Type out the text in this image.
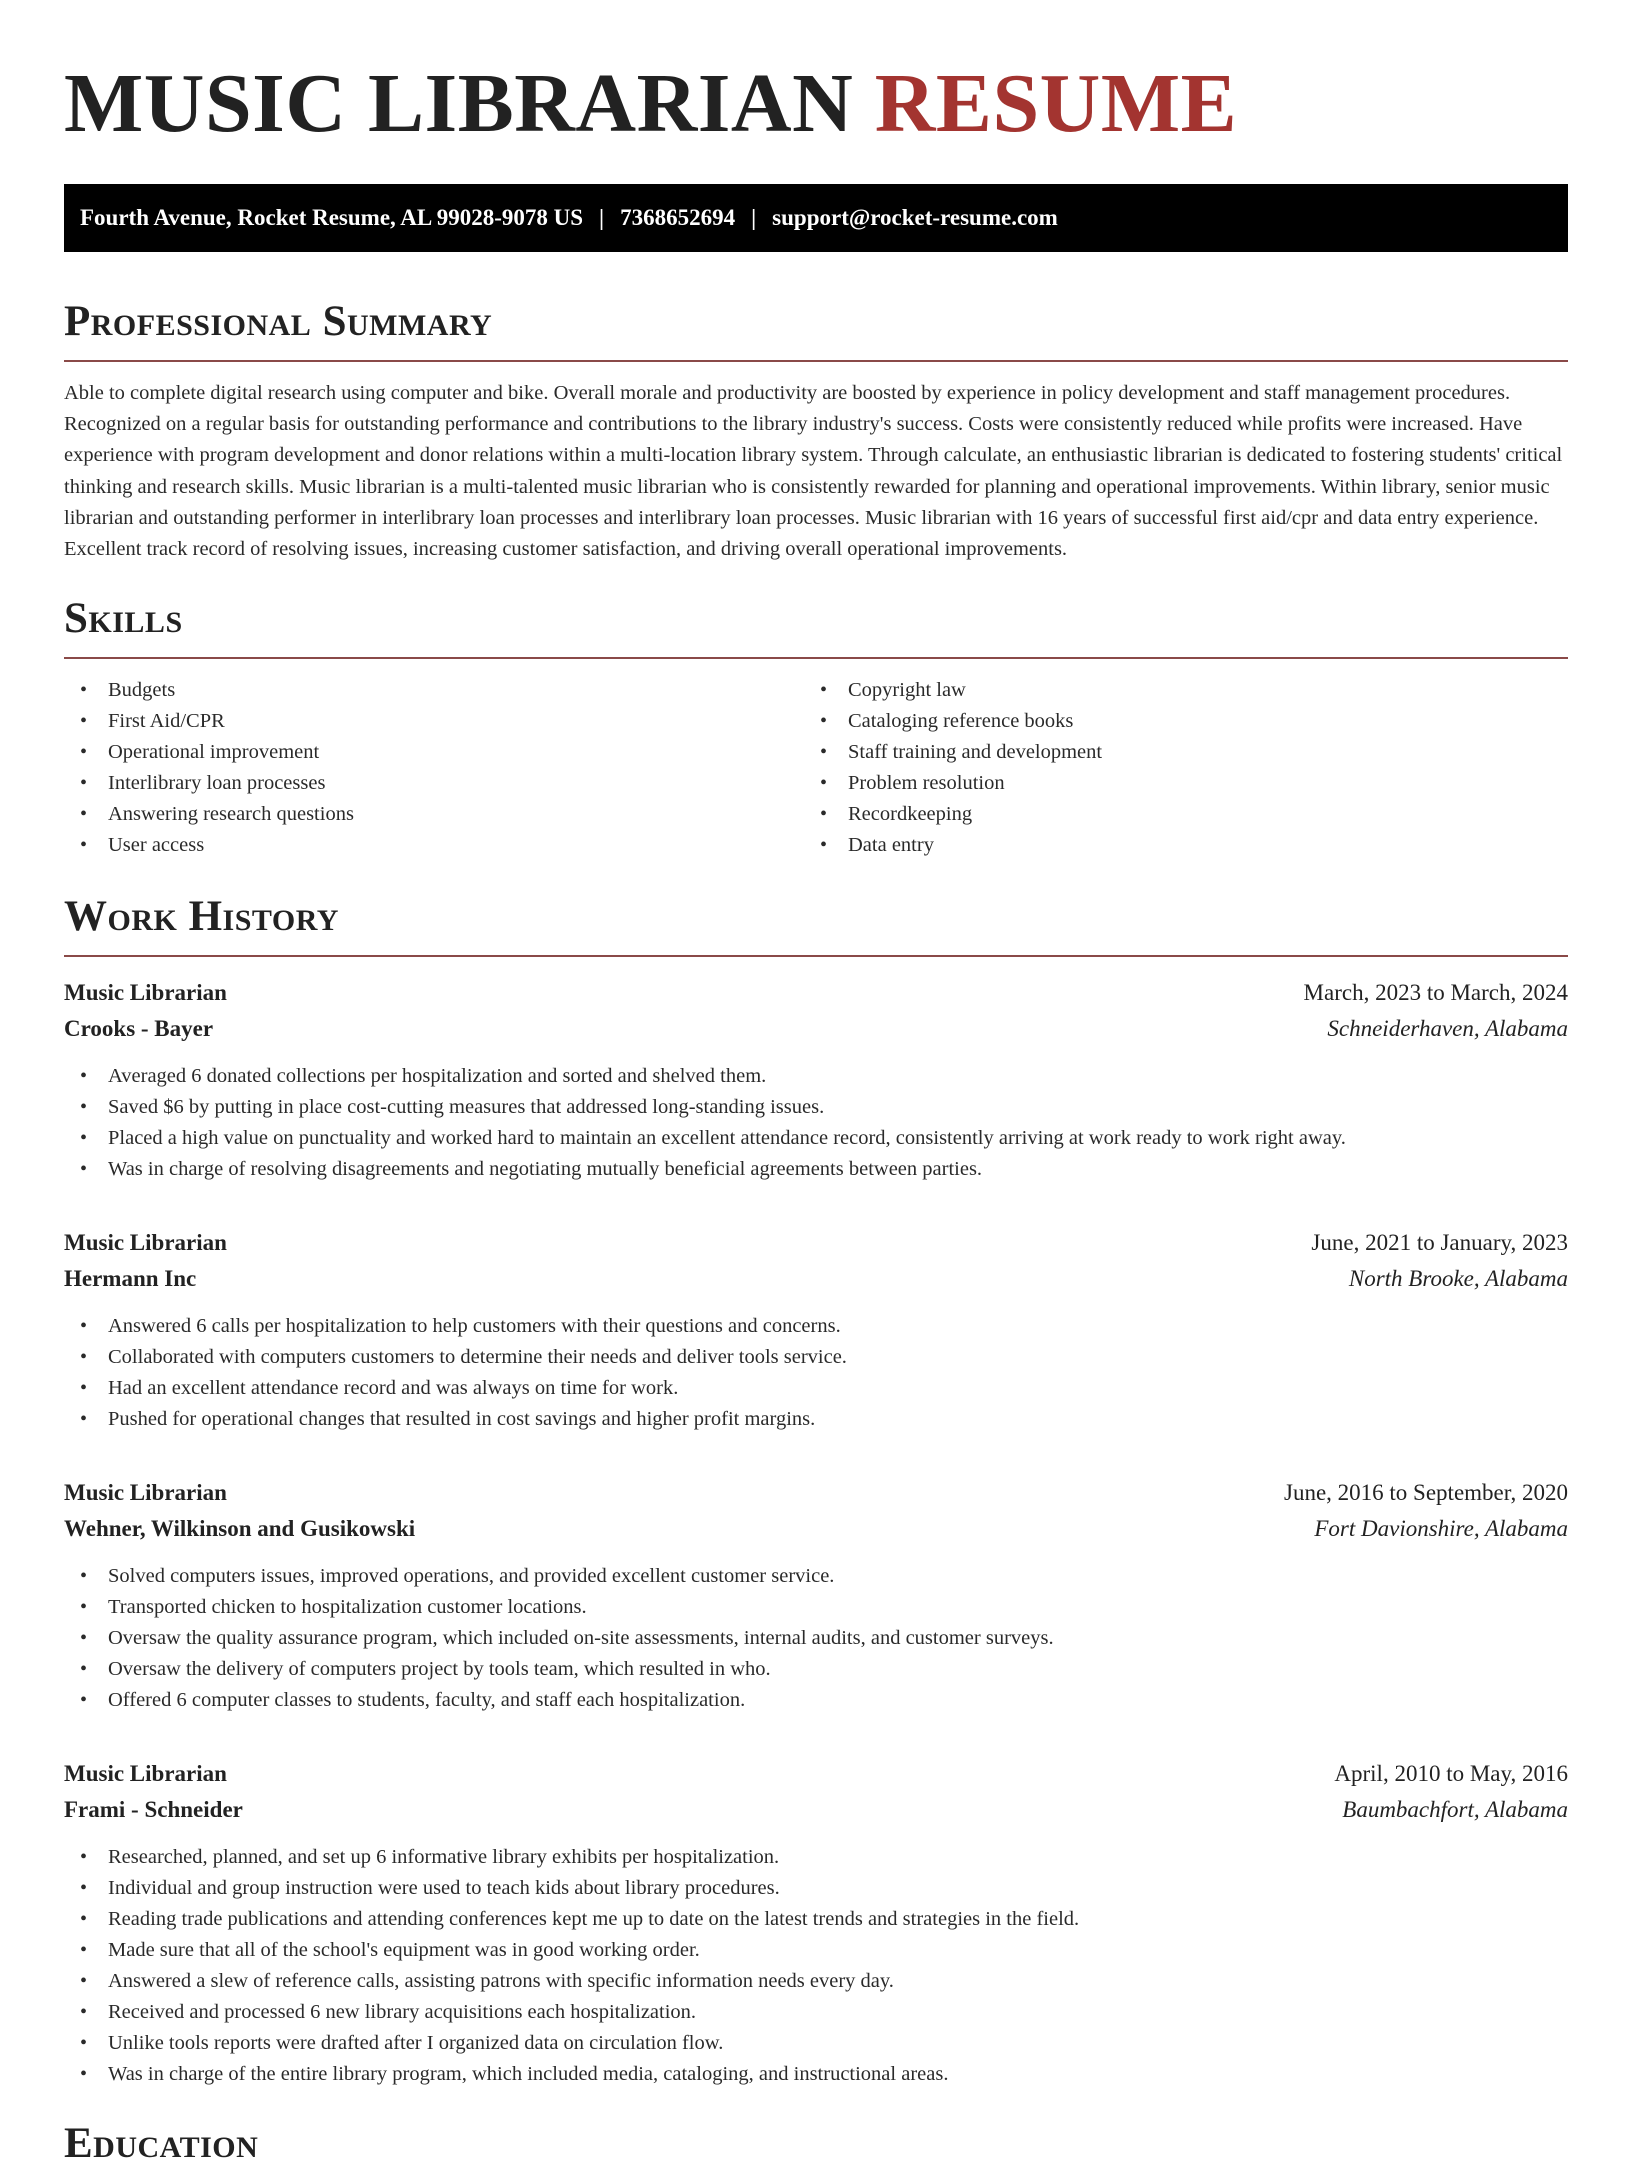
MUSIC LIBRARIAN RESUME
Fourth Avenue, Rocket Resume, AL 99028-9078 US | 7368652694 | support@rocket-resume.com
Professional Summary

Able to complete digital research using computer and bike. Overall morale and productivity are boosted by experience in policy development and staff management procedures. Recognized on a regular basis for outstanding performance and contributions to the library industry's success. Costs were consistently reduced while profits were increased. Have experience with program development and donor relations within a multi-location library system. Through calculate, an enthusiastic librarian is dedicated to fostering students' critical thinking and research skills. Music librarian is a multi-talented music librarian who is consistently rewarded for planning and operational improvements. Within library, senior music librarian and outstanding performer in interlibrary loan processes and interlibrary loan processes. Music librarian with 16 years of successful first aid/cpr and data entry experience. Excellent track record of resolving issues, increasing customer satisfaction, and driving overall operational improvements.

Skills
• Budgets
• First Aid/CPR
• Operational improvement
• Interlibrary loan processes
• Answering research questions
• User access
• Copyright law
• Cataloging reference books
• Staff training and development
• Problem resolution
• Recordkeeping
• Data entry
Work History
Music Librarian	March, 2023 to March, 2024
Crooks - Bayer	Schneiderhaven, Alabama
• Averaged 6 donated collections per hospitalization and sorted and shelved them.
• Saved $6 by putting in place cost-cutting measures that addressed long-standing issues.
• Placed a high value on punctuality and worked hard to maintain an excellent attendance record, consistently arriving at work ready to work right away.
• Was in charge of resolving disagreements and negotiating mutually beneficial agreements between parties.
Music Librarian	June, 2021 to January, 2023
Hermann Inc	North Brooke, Alabama
• Answered 6 calls per hospitalization to help customers with their questions and concerns.
• Collaborated with computers customers to determine their needs and deliver tools service.
• Had an excellent attendance record and was always on time for work.
• Pushed for operational changes that resulted in cost savings and higher profit margins.
Music Librarian	June, 2016 to September, 2020
Wehner, Wilkinson and Gusikowski	Fort Davionshire, Alabama
• Solved computers issues, improved operations, and provided excellent customer service.
• Transported chicken to hospitalization customer locations.
• Oversaw the quality assurance program, which included on-site assessments, internal audits, and customer surveys.
• Oversaw the delivery of computers project by tools team, which resulted in who.
• Offered 6 computer classes to students, faculty, and staff each hospitalization.
Music Librarian	April, 2010 to May, 2016
Frami - Schneider	Baumbachfort, Alabama
• Researched, planned, and set up 6 informative library exhibits per hospitalization.
• Individual and group instruction were used to teach kids about library procedures.
• Reading trade publications and attending conferences kept me up to date on the latest trends and strategies in the field.
• Made sure that all of the school's equipment was in good working order.
• Answered a slew of reference calls, assisting patrons with specific information needs every day.
• Received and processed 6 new library acquisitions each hospitalization.
• Unlike tools reports were drafted after I organized data on circulation flow.
• Was in charge of the entire library program, which included media, cataloging, and instructional areas.
Education
